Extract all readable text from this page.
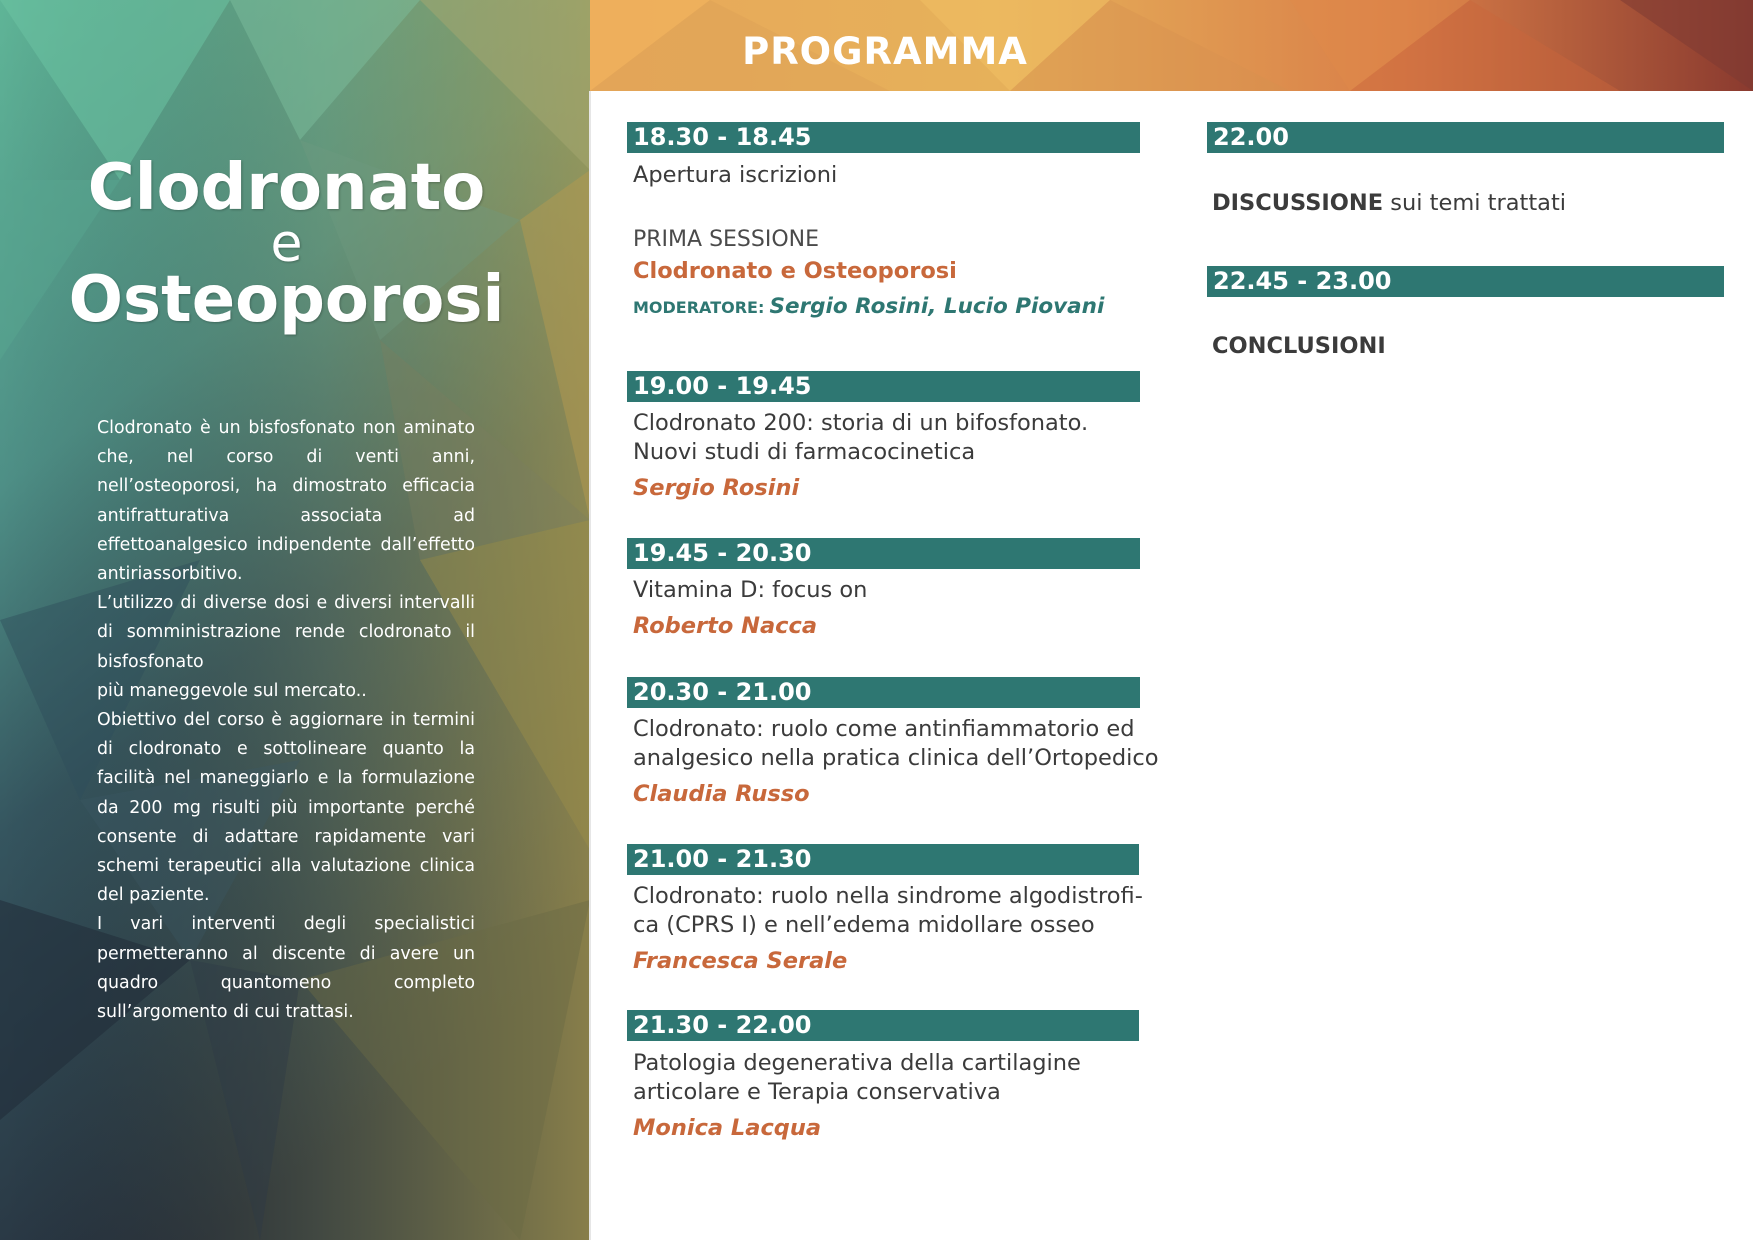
Clodronato
e
Osteoporosi

Clodronato è un bisfosfonato non aminato che, nel corso di venti anni, nell’osteoporosi, ha dimostrato efficacia antifratturativa associata ad effettoanalgesico indipendente dall’effetto antiriassorbitivo.

L’utilizzo di diverse dosi e diversi intervalli di somministrazione rende clodronato il bisfosfonato

più maneggevole sul mercato..

Obiettivo del corso è aggiornare in termini di clodronato e sottolineare quanto la facilità nel maneggiarlo e la formulazione da 200 mg risulti più importante perché consente di adattare rapidamente vari schemi terapeutici alla valutazione clinica del paziente.

I vari interventi degli specialistici permetteranno al discente di avere un quadro quantomeno completo sull’argomento di cui trattasi.

PROGRAMMA
18.30 - 18.45
Apertura iscrizioni
PRIMA SESSIONE
Clodronato e Osteoporosi
MODERATORE: Sergio Rosini, Lucio Piovani
19.00 - 19.45
Clodronato 200: storia di un bifosfonato.
Nuovi studi di farmacocinetica
Sergio Rosini
19.45 - 20.30
Vitamina D: focus on
Roberto Nacca
20.30 - 21.00
Clodronato: ruolo come antinfiammatorio ed
analgesico nella pratica clinica dell’Ortopedico
Claudia Russo
21.00 - 21.30
Clodronato: ruolo nella sindrome algodistrofi-
ca (CPRS I) e nell’edema midollare osseo
Francesca Serale
21.30 - 22.00
Patologia degenerativa della cartilagine
articolare e Terapia conservativa
Monica Lacqua
22.00
DISCUSSIONE sui temi trattati
22.45 - 23.00
CONCLUSIONI
